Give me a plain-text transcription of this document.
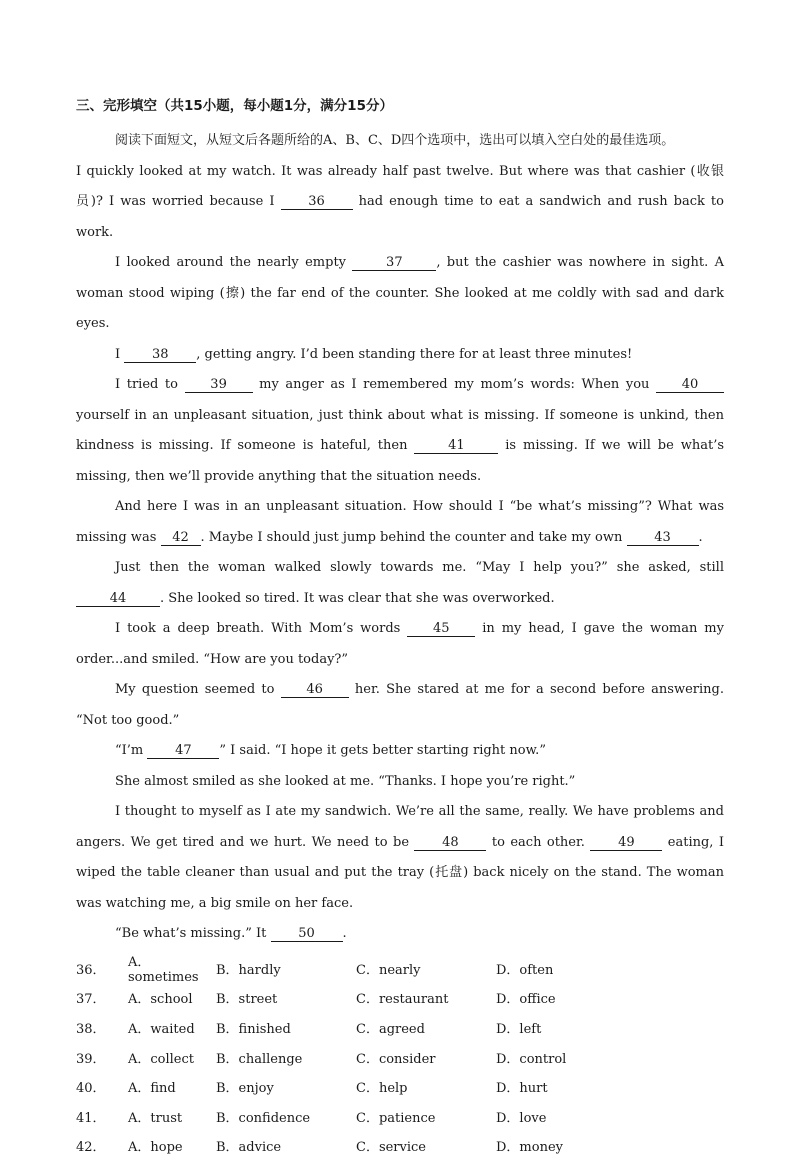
三、完形填空（共15小题，每小题1分，满分15分）

阅读下面短文，从短文后各题所给的A、B、C、D四个选项中，选出可以填入空白处的最佳选项。

I quickly looked at my watch. It was already half past twelve. But where was that cashier (收银员)? I was worried because I 36 had enough time to eat a sandwich and rush back to work.

I looked around the nearly empty	37	, but the cashier was nowhere in sight. A woman stood wiping (擦) the far end of the counter. She looked at me coldly with sad and dark eyes.

I 38 , getting angry. I’d been standing there for at least three minutes!

I tried to 39 my anger as I remembered my mom’s words: When you 40 yourself in an unpleasant situation, just think about what is missing. If someone is unkind, then kindness is missing. If someone is hateful, then	41	is missing. If we will be what’s missing, then we’ll provide anything that the situation needs.

And here I was in an unpleasant situation. How should I “be what’s missing”? What was missing was 42 . Maybe I should just jump behind the counter and take my own 43 .

Just then the woman walked slowly towards me. “May I help you?” she asked, still 44	. She looked so tired. It was clear that she was overworked.

I took a deep breath. With Mom’s words 45 in my head, I gave the woman my order...and smiled. “How are you today?”

My question seemed to 46 her. She stared at me for a second before answering. “Not too good.”

“I’m 47 ” I said. “I hope it gets better starting right now.”

She almost smiled as she looked at me. “Thanks. I hope you’re right.”

I thought to myself as I ate my sandwich. We’re all the same, really. We have problems and angers. We get tired and we hurt. We need to be 48 to each other. 49 eating, I wiped the table cleaner than usual and put the tray (托盘) back nicely on the stand. The woman was watching me, a big smile on her face.

“Be what’s missing.” It 50 .

36．	A．sometimes	B．hardly	C．nearly	D．often
37．	A．school	B．street	C．restaurant	D．office
38．	A．waited	B．finished	C．agreed	D．left
39．	A．collect	B．challenge	C．consider	D．control
40．	A．find	B．enjoy	C．help	D．hurt
41．	A．trust	B．confidence	C．patience	D．love
42．	A．hope	B．advice	C．service	D．money
